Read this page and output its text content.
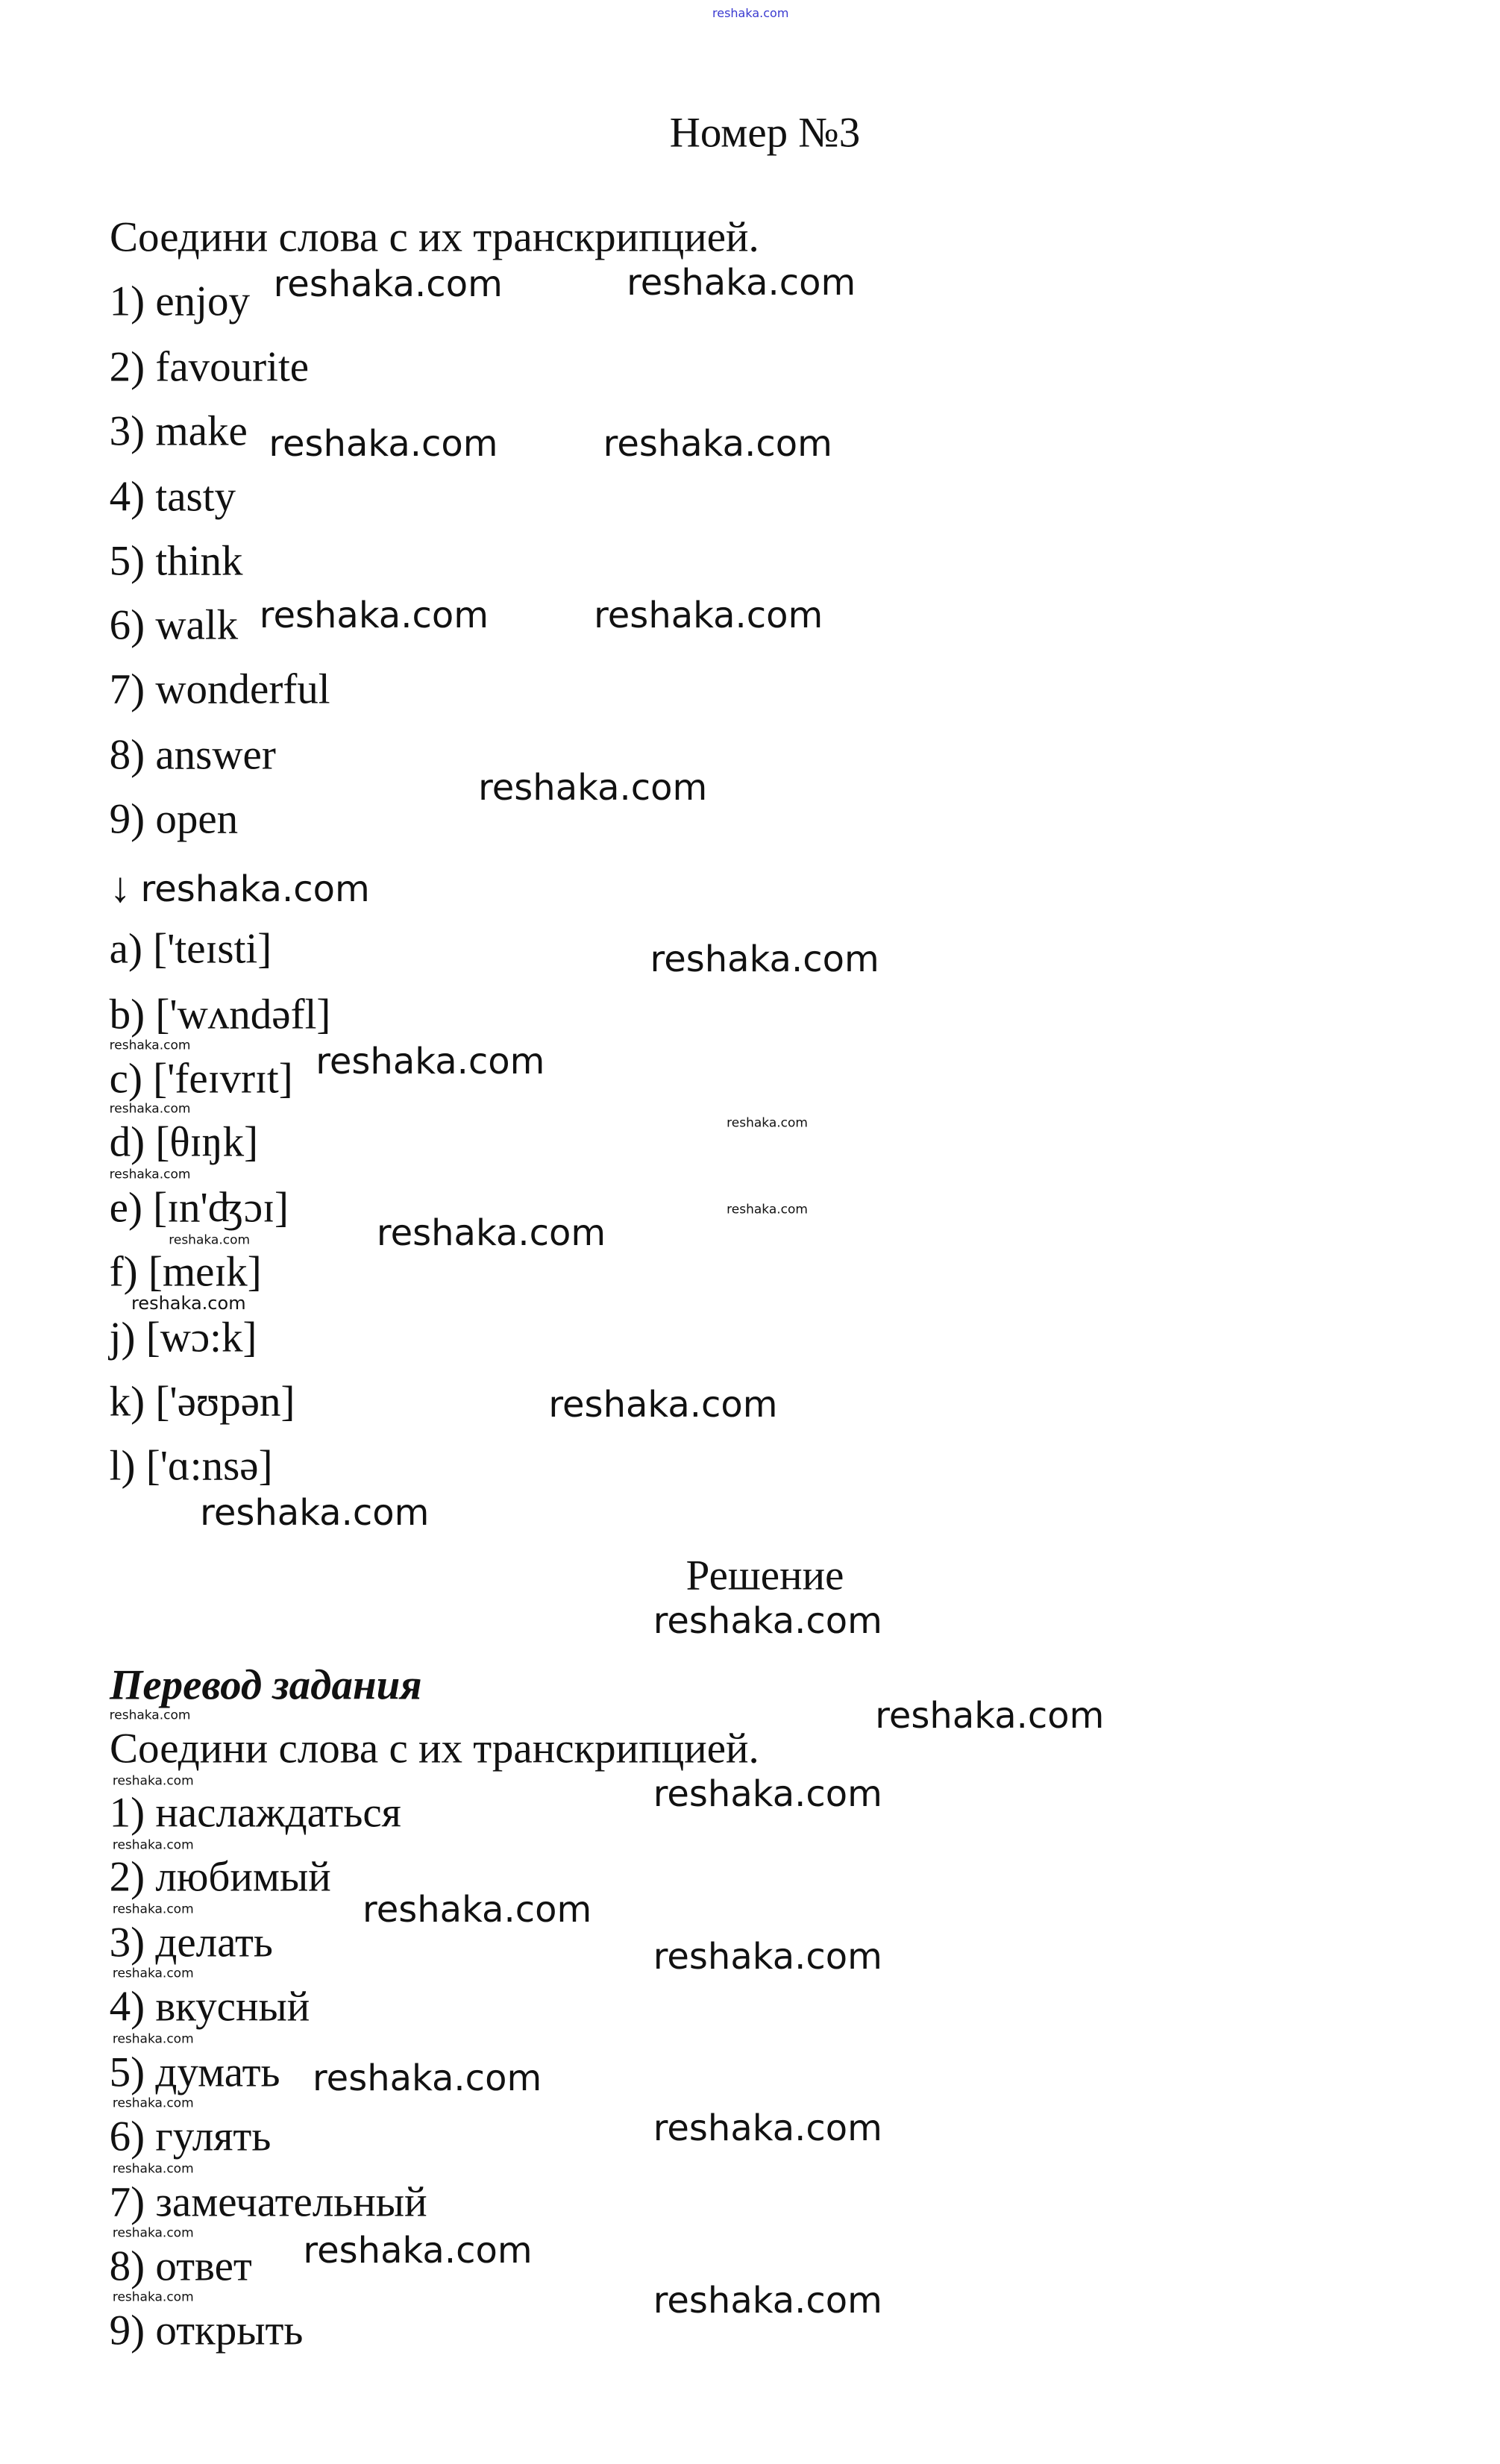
reshaka.com
Номер №3
Соедини слова с их транскрипцией.
Решение
Перевод задания
Соедини слова с их транскрипцией.
↓
1) enjoy
2) favourite
3) make
4) tasty
5) think
6) walk
7) wonderful
8) answer
9) open
a) ['teɪsti]
b) ['wʌndəfl]
c) ['feɪvrɪt]
d) [θɪŋk]
e) [ɪn'ʤɔɪ]
f) [meɪk]
j) [wɔ:k]
k) ['əʊpən]
l) ['ɑ:nsə]
1) наслаждаться
2) любимый
3) делать
4) вкусный
5) думать
6) гулять
7) замечательный
8) ответ
9) открыть
reshaka.com	reshaka.com
reshaka.com	reshaka.com
reshaka.com	reshaka.com
reshaka.com
reshaka.com
reshaka.com
reshaka.com
reshaka.com
reshaka.com
reshaka.com
reshaka.com
reshaka.com
reshaka.com
reshaka.com
reshaka.com
reshaka.com
reshaka.com
reshaka.com
reshaka.com
reshaka.com
reshaka.com
reshaka.com
reshaka.com
reshaka.com
reshaka.com
reshaka.com
reshaka.com
reshaka.com
reshaka.com
reshaka.com
reshaka.com
reshaka.com
reshaka.com
reshaka.com
reshaka.com
reshaka.com
